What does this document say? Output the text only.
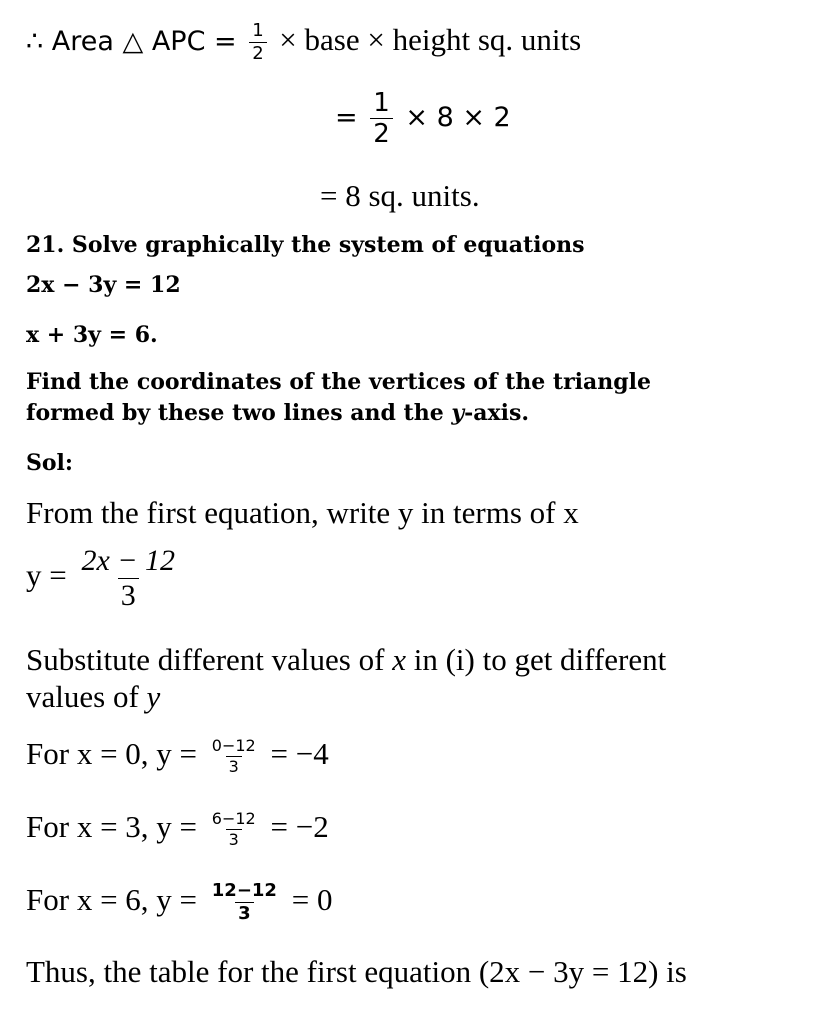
∴ Area △ APC = $\frac{1}{2}$ × base × height sq. units
= $\frac{1}{2} \times 8 \times 2$
= 8 sq. units.
21. Solve graphically the system of equations
2x − 3y = 12
x + 3y = 6.
Find the coordinates of the vertices of the triangle
formed by these two lines and the y-axis.
Sol:
From the first equation, write y in terms of x
$y = \frac{2x - 12}{3}$
Substitute different values of x in (i) to get different
values of y
For x = 0, $y = \frac{0-12}{3} = -4$
For x = 3, $y = \frac{6-12}{3} = -2$
For x = 6, $y = \frac{12-12}{3} = 0$
Thus, the table for the first equation (2x − 3y = 12) is
